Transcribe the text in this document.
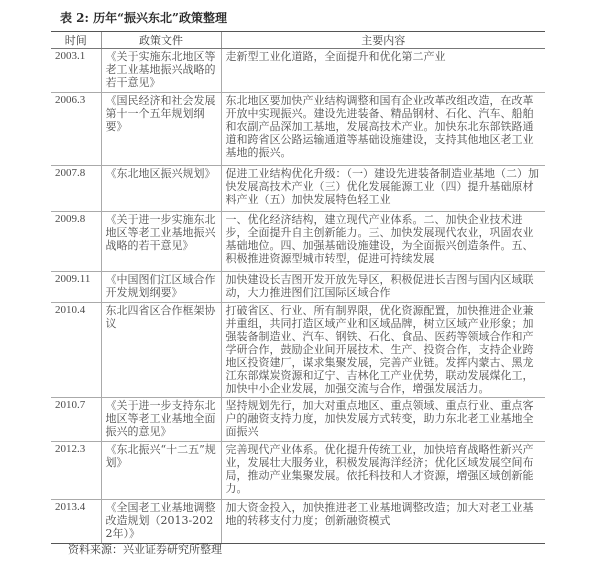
表 2: 历年“振兴东北”政策整理
时间	政策文件	主要内容
2003.1	《关于实施东北地区等老工业基地振兴战略的若干意见》	走新型工业化道路，全面提升和优化第二产业
2006.3	《国民经济和社会发展第十一个五年规划纲要》	东北地区要加快产业结构调整和国有企业改革改组改造，在改革开放中实现振兴。建设先进装备、精品钢材、石化、汽车、船舶和农副产品深加工基地，发展高技术产业。加快东北东部铁路通道和跨省区公路运输通道等基础设施建设，支持其他地区老工业基地的振兴。
2007.8	《东北地区振兴规划》	促进工业结构优化升级：（一）建设先进装备制造业基地（二）加快发展高技术产业（三）优化发展能源工业（四）提升基础原材料产业（五）加快发展特色轻工业
2009.8	《关于进一步实施东北地区等老工业基地振兴战略的若干意见》	一、优化经济结构，建立现代产业体系。二、加快企业技术进步，全面提升自主创新能力。三、加快发展现代农业，巩固农业基础地位。四、加强基础设施建设，为全面振兴创造条件。五、积极推进资源型城市转型，促进可持续发展
2009.11	《中国图们江区域合作开发规划纲要》	加快建设长吉图开发开放先导区，积极促进长吉图与国内区域联动，大力推进图们江国际区域合作
2010.4	东北四省区合作框架协议	打破省区、行业、所有制界限，优化资源配置，加快推进企业兼并重组，共同打造区域产业和区域品牌，树立区域产业形象；加强装备制造业、汽车、钢铁、石化、食品、医药等领域合作和产学研合作，鼓励企业间开展技术、生产、投资合作，支持企业跨地区投资建厂，谋求集聚发展，完善产业链。发挥内蒙古、黑龙江东部煤炭资源和辽宁、吉林化工产业优势，联动发展煤化工，加快中小企业发展，加强交流与合作，增强发展活力。
2010.7	《关于进一步支持东北地区等老工业基地全面振兴的意见》	坚持规划先行，加大对重点地区、重点领域、重点行业、重点客户的融资支持力度，加快发展方式转变，助力东北老工业基地全面振兴
2012.3	《东北振兴“十二五”规划》	完善现代产业体系。优化提升传统工业，加快培育战略性新兴产业，发展壮大服务业，积极发展海洋经济；优化区域发展空间布局，推动产业集聚发展。依托科技和人才资源，增强区域创新能力。
2013.4	《全国老工业基地调整改造规划（2013-2022年）》	加大资金投入，加快推进老工业基地调整改造；加大对老工业基地的转移支付力度；创新融资模式
资料来源：兴业证券研究所整理
